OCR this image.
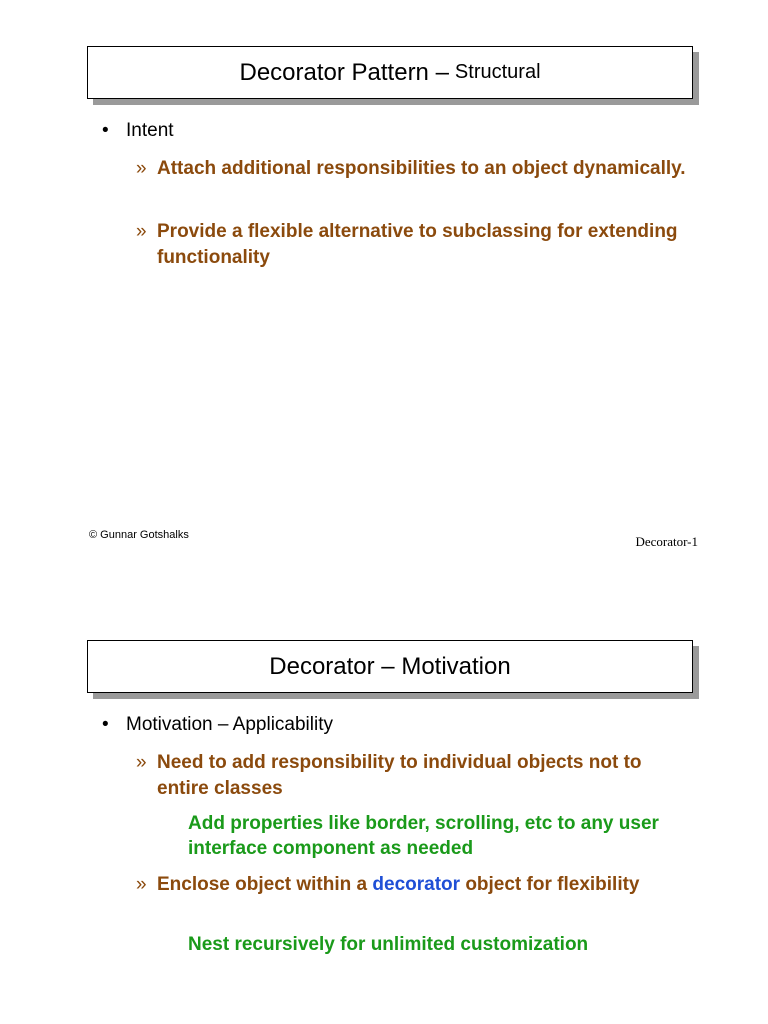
Decorator Pattern – Structural
• Intent
» Attach additional responsibilities to an object dynamically.
» Provide a flexible alternative to subclassing for extending functionality
© Gunnar Gotshalks	Decorator-1
Decorator – Motivation
• Motivation – Applicability
» Need to add responsibility to individual objects not to entire classes
Add properties like border, scrolling, etc to any user interface component as needed
» Enclose object within a decorator object for flexibility
Nest recursively for unlimited customization
